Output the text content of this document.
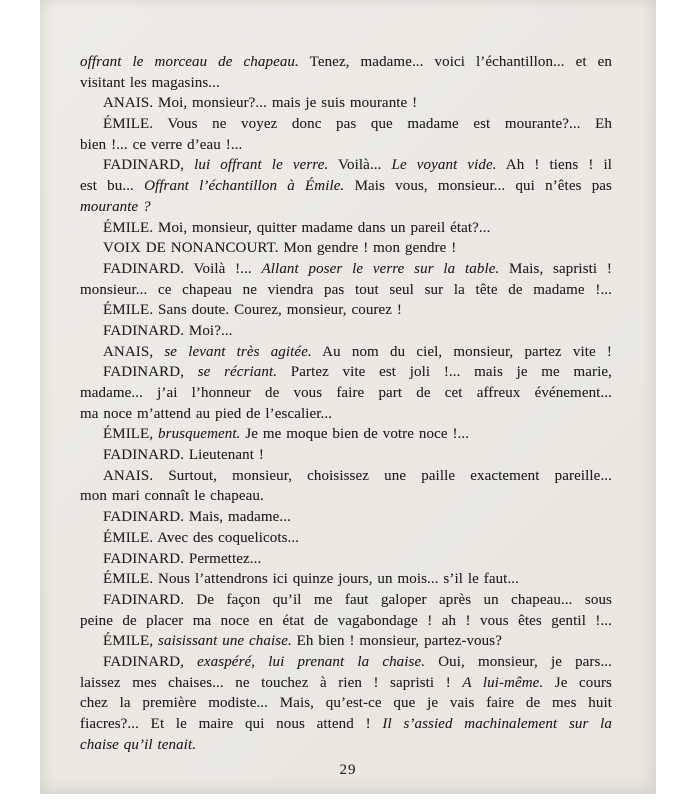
offrant le morceau de chapeau. Tenez, madame... voici l’échantillon... et en
visitant les magasins...
ANAIS. Moi, monsieur?... mais je suis mourante !
ÉMILE. Vous ne voyez donc pas que madame est mourante?... Eh
bien !... ce verre d’eau !...
FADINARD, lui offrant le verre. Voilà... Le voyant vide. Ah ! tiens ! il
est bu... Offrant l’échantillon à Émile. Mais vous, monsieur... qui n’êtes pas
mourante ?
ÉMILE. Moi, monsieur, quitter madame dans un pareil état?...
VOIX DE NONANCOURT. Mon gendre ! mon gendre !
FADINARD. Voilà !... Allant poser le verre sur la table. Mais, sapristi !
monsieur... ce chapeau ne viendra pas tout seul sur la tête de madame !...
ÉMILE. Sans doute. Courez, monsieur, courez !
FADINARD. Moi?...
ANAIS, se levant très agitée. Au nom du ciel, monsieur, partez vite !
FADINARD, se récriant. Partez vite est joli !... mais je me marie,
madame... j’ai l’honneur de vous faire part de cet affreux événement...
ma noce m’attend au pied de l’escalier...
ÉMILE, brusquement. Je me moque bien de votre noce !...
FADINARD. Lieutenant !
ANAIS. Surtout, monsieur, choisissez une paille exactement pareille...
mon mari connaît le chapeau.
FADINARD. Mais, madame...
ÉMILE. Avec des coquelicots...
FADINARD. Permettez...
ÉMILE. Nous l’attendrons ici quinze jours, un mois... s’il le faut...
FADINARD. De façon qu’il me faut galoper après un chapeau... sous
peine de placer ma noce en état de vagabondage ! ah ! vous êtes gentil !...
ÉMILE, saisissant une chaise. Eh bien ! monsieur, partez-vous?
FADINARD, exaspéré, lui prenant la chaise. Oui, monsieur, je pars...
laissez mes chaises... ne touchez à rien ! sapristi ! A lui-même. Je cours
chez la première modiste... Mais, qu’est-ce que je vais faire de mes huit
fiacres?... Et le maire qui nous attend ! Il s’assied machinalement sur la
chaise qu’il tenait.
29
